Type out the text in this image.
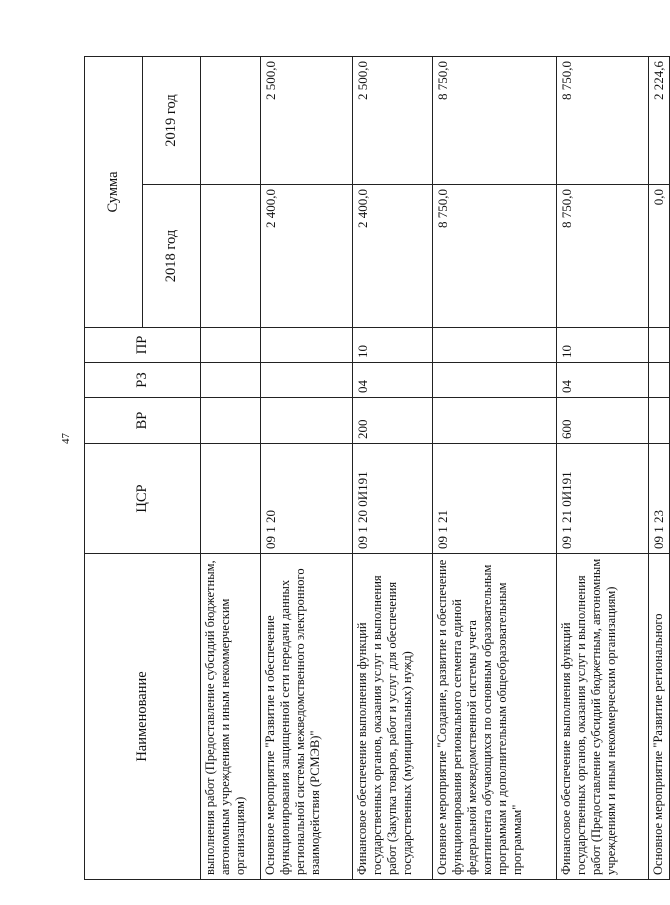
47
Наименование	ЦСР	ВР	РЗ	ПР	Сумма	
					2018 год	2019 год
выполнения работ (Предоставление субсидий бюджетным, автономным учреждениям и иным некоммерческим организациям)						
Основное мероприятие "Развитие и обеспечение функционирования защищенной сети передачи данных региональной системы межведомственного электронного взаимодействия (РСМЭВ)"	09 1 20				2 400,0	2 500,0
Финансовое обеспечение выполнения функций государственных органов, оказания услуг и выполнения работ (Закупка товаров, работ и услуг для обеспечения государственных (муниципальных) нужд)	09 1 20 0И191	200	04	10	2 400,0	2 500,0
Основное мероприятие "Создание, развитие и обеспечение функционирования регионального сегмента единой федеральной межведомственной системы учета контингента обучающихся по основным образовательным программам и дополнительным общеобразовательным программам"	09 1 21				8 750,0	8 750,0
Финансовое обеспечение выполнения функций государственных органов, оказания услуг и выполнения работ (Предоставление субсидий бюджетным, автономным учреждениям и иным некоммерческим организациям)	09 1 21 0И191	600	04	10	8 750,0	8 750,0
Основное мероприятие "Развитие регионального	09 1 23				0,0	2 224,6
